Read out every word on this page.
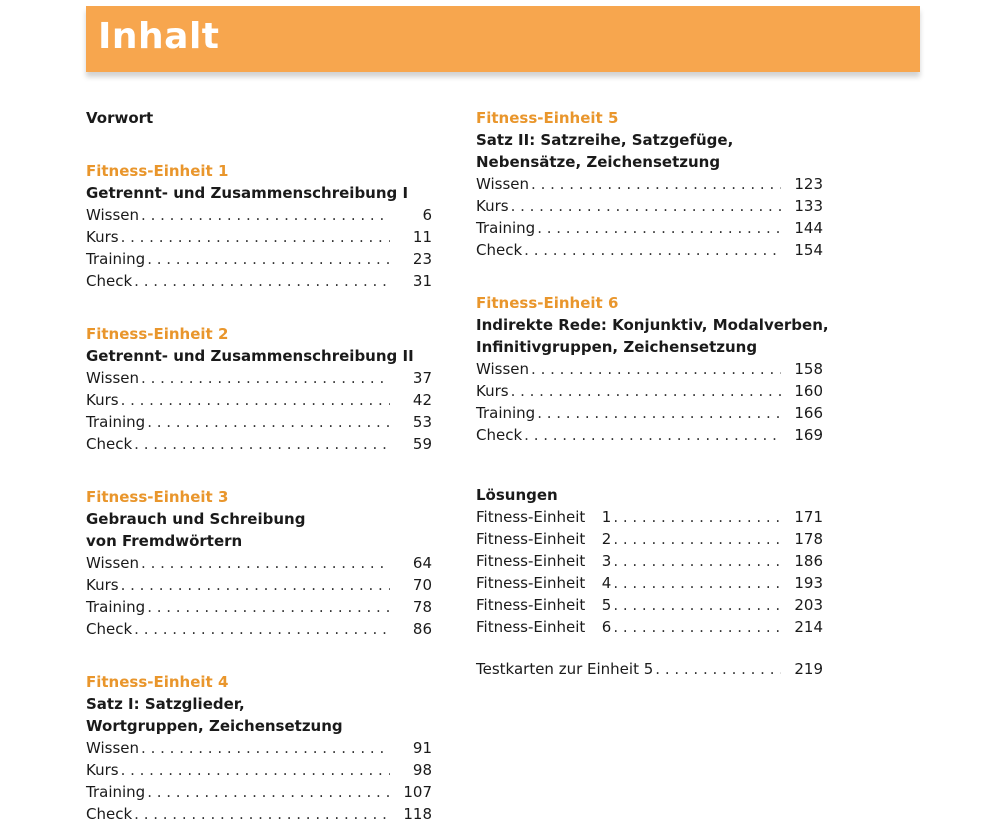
Inhalt
Vorwort
Fitness-Einheit 1
Getrennt- und Zusammenschreibung I
Wissen . . .	6
Kurs . . .	11
Training . . .	23
Check . . .	31
Fitness-Einheit 2
Getrennt- und Zusammenschreibung II
Wissen . . .	37
Kurs . . .	42
Training . . .	53
Check . . .	59
Fitness-Einheit 3
Gebrauch und Schreibung
von Fremdwörtern
Wissen . . .	64
Kurs . . .	70
Training . . .	78
Check . . .	86
Fitness-Einheit 4
Satz I: Satzglieder,
Wortgruppen, Zeichensetzung
Wissen . . .	91
Kurs . . .	98
Training . . .	107
Check . . .	118
Fitness-Einheit 5
Satz II: Satzreihe, Satzgefüge,
Nebensätze, Zeichensetzung
Wissen . . .	123
Kurs . . .	133
Training . . .	144
Check . . .	154
Fitness-Einheit 6
Indirekte Rede: Konjunktiv, Modalverben,
Infinitivgruppen, Zeichensetzung
Wissen . . .	158
Kurs . . .	160
Training . . .	166
Check . . .	169
Lösungen
Fitness-Einheit	1 . . .	171
Fitness-Einheit	2 . . .	178
Fitness-Einheit	3 . . .	186
Fitness-Einheit	4 . . .	193
Fitness-Einheit	5 . . .	203
Fitness-Einheit	6 . . .	214
Testkarten zur Einheit 5 . . .	219
